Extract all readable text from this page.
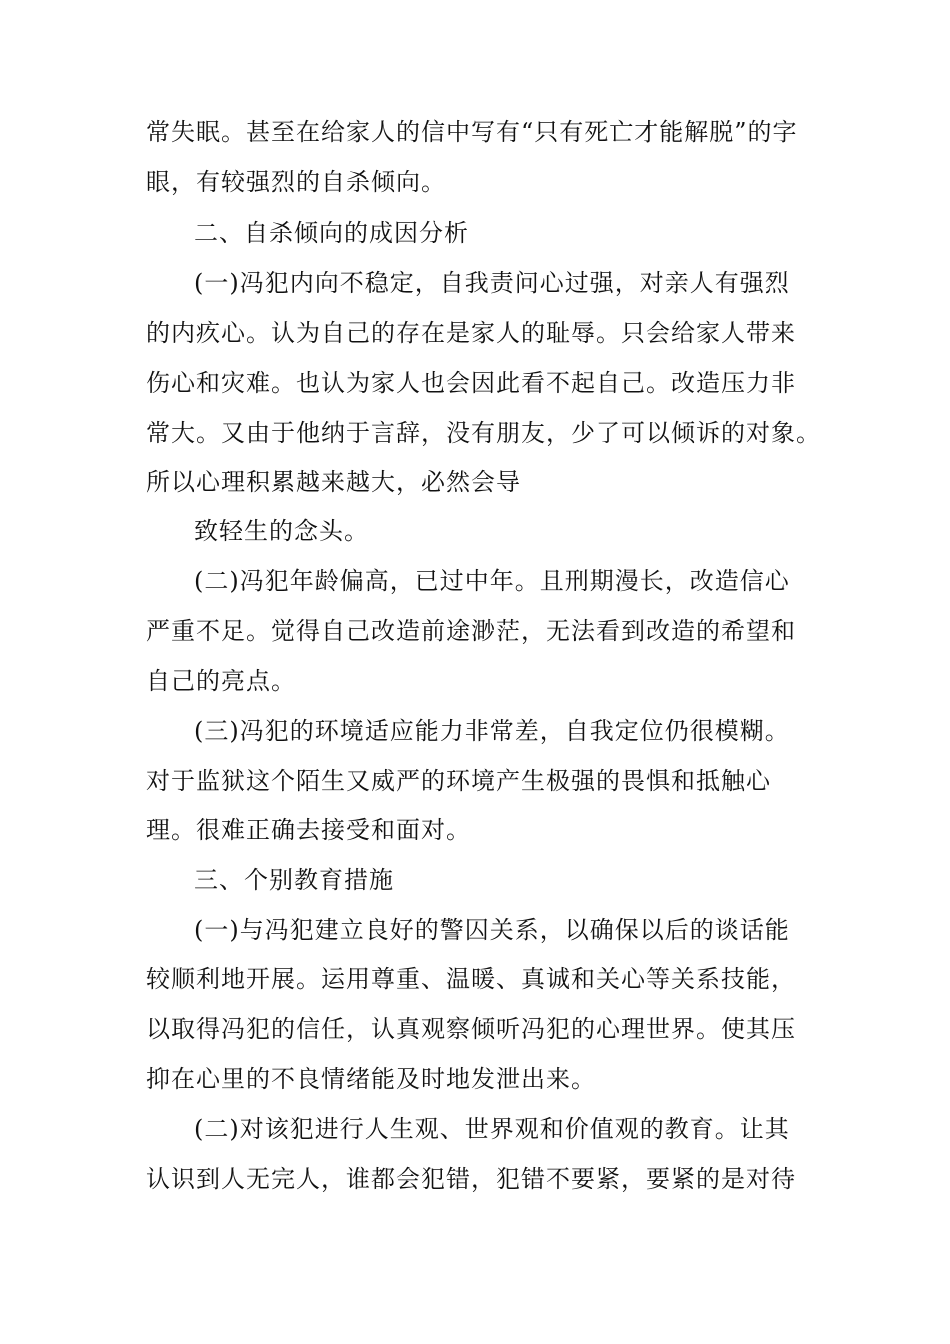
常失眠。甚至在给家人的信中写有“只有死亡才能解脱”的字
眼，有较强烈的自杀倾向。
二、自杀倾向的成因分析
(一)冯犯内向不稳定，自我责问心过强，对亲人有强烈
的内疚心。认为自己的存在是家人的耻辱。只会给家人带来
伤心和灾难。也认为家人也会因此看不起自己。改造压力非
常大。又由于他纳于言辞，没有朋友，少了可以倾诉的对象。
所以心理积累越来越大，必然会导
致轻生的念头。
(二)冯犯年龄偏高，已过中年。且刑期漫长，改造信心
严重不足。觉得自己改造前途渺茫，无法看到改造的希望和
自己的亮点。
(三)冯犯的环境适应能力非常差，自我定位仍很模糊。
对于监狱这个陌生又威严的环境产生极强的畏惧和抵触心
理。很难正确去接受和面对。
三、个别教育措施
(一)与冯犯建立良好的警囚关系，以确保以后的谈话能
较顺利地开展。运用尊重、温暖、真诚和关心等关系技能，
以取得冯犯的信任，认真观察倾听冯犯的心理世界。使其压
抑在心里的不良情绪能及时地发泄出来。
(二)对该犯进行人生观、世界观和价值观的教育。让其
认识到人无完人，谁都会犯错，犯错不要紧，要紧的是对待
